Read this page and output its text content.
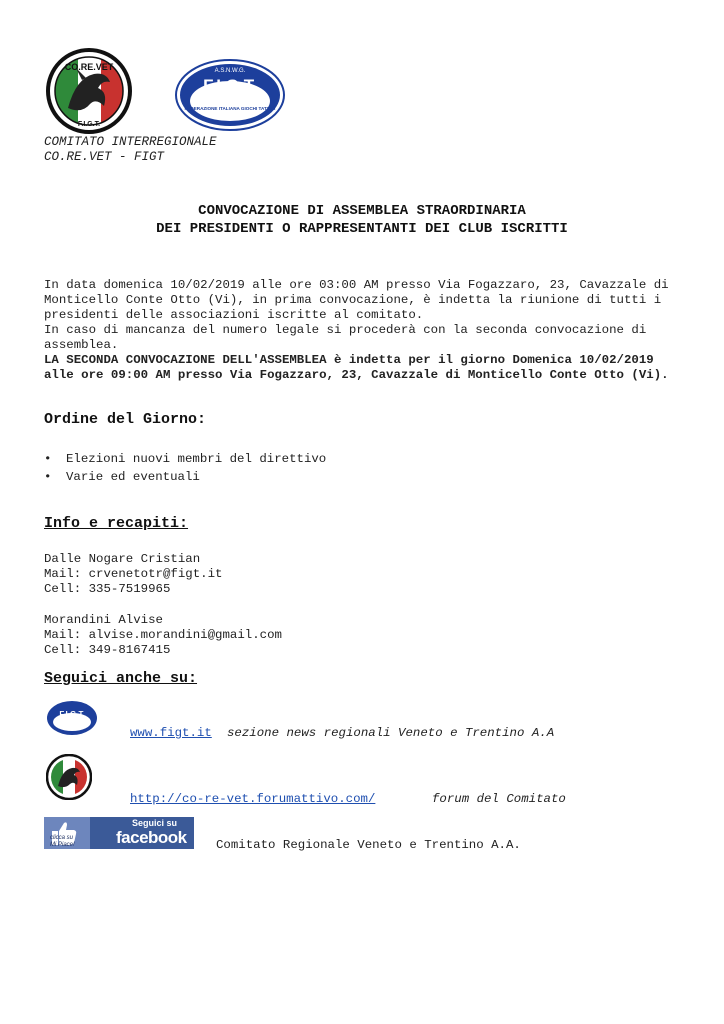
CO.RE.VET
F.I.G.T.
A.S.N.W.G.
F.I.G.T.
FEDERAZIONE ITALIANA GIOCHI TATTICI
COMITATO INTERREGIONALE
CO.RE.VET - FIGT
CONVOCAZIONE DI ASSEMBLEA STRAORDINARIA
DEI PRESIDENTI O RAPPRESENTANTI DEI CLUB ISCRITTI
In data domenica 10/02/2019 alle ore 03:00 AM presso Via Fogazzaro, 23, Cavazzale di Monticello Conte Otto (Vi), in prima convocazione, è indetta la riunione di tutti i presidenti delle associazioni iscritte al comitato.
In caso di mancanza del numero legale si procederà con la seconda convocazione di assemblea.
LA SECONDA CONVOCAZIONE DELL'ASSEMBLEA è indetta per il giorno Domenica 10/02/2019 alle ore 09:00 AM presso Via Fogazzaro, 23, Cavazzale di Monticello Conte Otto (Vi).
Ordine del Giorno:
• Elezioni nuovi membri del direttivo
• Varie ed eventuali
Info e recapiti:
Dalle Nogare Cristian
Mail: crvenetotr@figt.it
Cell: 335-7519965
Morandini Alvise
Mail: alvise.morandini@gmail.com
Cell: 349-8167415
Seguici anche su:
F.I.G.T.
www.figt.it sezione news regionali Veneto e Trentino A.A
http://co-re-vet.forumattivo.com/	forum del Comitato
clicca su
Mi Piace!
Seguici su
facebook Comitato Regionale Veneto e Trentino A.A.
